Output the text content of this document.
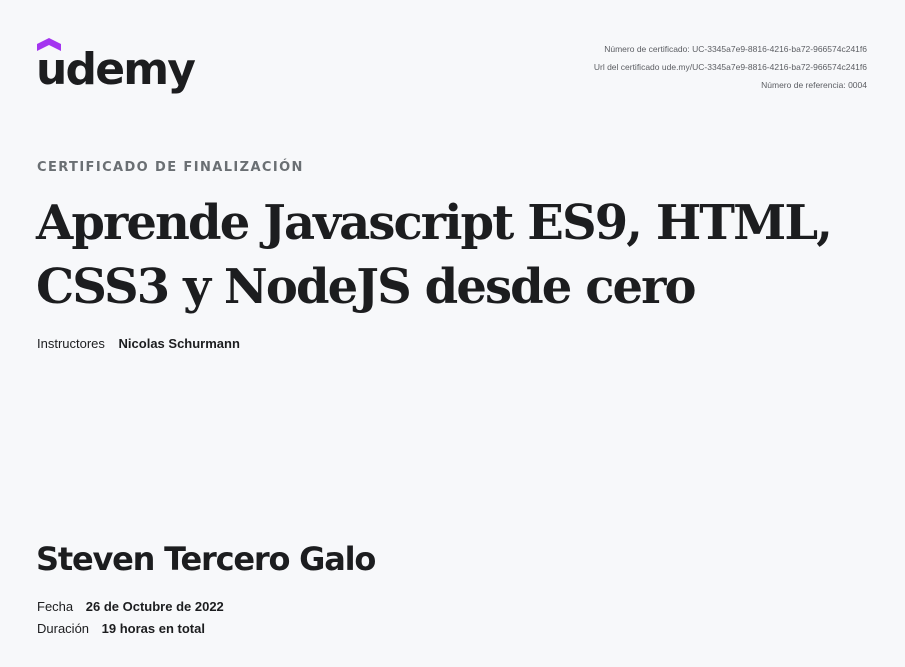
udemy	Número de certificado: UC-3345a7e9-8816-4216-ba72-966574c241f6
Url del certificado ude.my/UC-3345a7e9-8816-4216-ba72-966574c241f6
Número de referencia: 0004
CERTIFICADO DE FINALIZACIÓN
Aprende Javascript ES9, HTML, CSS3 y NodeJS desde cero
Instructores Nicolas Schurmann
Steven Tercero Galo
Fecha 26 de Octubre de 2022
Duración 19 horas en total
